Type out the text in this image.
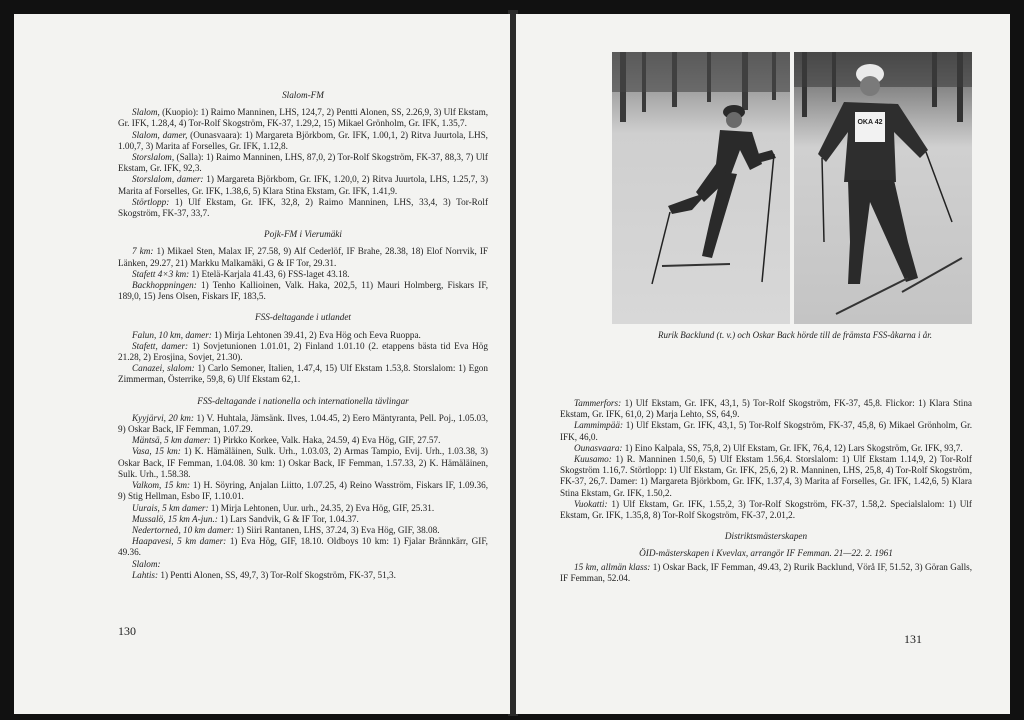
Slalom-FM

Slalom, (Kuopio): 1) Raimo Manninen, LHS, 124,7, 2) Pentti Alonen, SS, 2.26,9, 3) Ulf Ekstam, Gr. IFK, 1.28,4, 4) Tor-Rolf Skogström, FK-37, 1.29,2, 15) Mikael Grönholm, Gr. IFK, 1.35,7.

Slalom, damer, (Ounasvaara): 1) Margareta Björkbom, Gr. IFK, 1.00,1, 2) Ritva Juurtola, LHS, 1.00,7, 3) Marita af Forselles, Gr. IFK, 1.12,8.

Storslalom, (Salla): 1) Raimo Manninen, LHS, 87,0, 2) Tor-Rolf Skogström, FK-37, 88,3, 7) Ulf Ekstam, Gr. IFK, 92,3.

Storslalom, damer: 1) Margareta Björkbom, Gr. IFK, 1.20,0, 2) Ritva Juurtola, LHS, 1.25,7, 3) Marita af Forselles, Gr. IFK, 1.38,6, 5) Klara Stina Ekstam, Gr. IFK, 1.41,9.

Störtlopp: 1) Ulf Ekstam, Gr. IFK, 32,8, 2) Raimo Manninen, LHS, 33,4, 3) Tor-Rolf Skogström, FK-37, 33,7.

Pojk-FM i Vierumäki

7 km: 1) Mikael Sten, Malax IF, 27.58, 9) Alf Cederlöf, IF Brahe, 28.38, 18) Elof Norrvik, IF Länken, 29.27, 21) Markku Malkamäki, G & IF Tor, 29.31.

Stafett 4×3 km: 1) Etelä-Karjala 41.43, 6) FSS-laget 43.18.

Backhoppningen: 1) Tenho Kallioinen, Valk. Haka, 202,5, 11) Mauri Holmberg, Fiskars IF, 189,0, 15) Jens Olsen, Fiskars IF, 183,5.

FSS-deltagande i utlandet

Falun, 10 km, damer: 1) Mirja Lehtonen 39.41, 2) Eva Hög och Eeva Ruoppa.

Stafett, damer: 1) Sovjetunionen 1.01.01, 2) Finland 1.01.10 (2. etappens bästa tid Eva Hög 21.28, 2) Erosjina, Sovjet, 21.30).

Canazei, slalom: 1) Carlo Semoner, Italien, 1.47,4, 15) Ulf Ekstam 1.53,8. Storslalom: 1) Egon Zimmerman, Österrike, 59,8, 6) Ulf Ekstam 62,1.

FSS-deltagande i nationella och internationella tävlingar

Kyyjärvi, 20 km: 1) V. Huhtala, Jämsänk. Ilves, 1.04.45, 2) Eero Mäntyranta, Pell. Poj., 1.05.03, 9) Oskar Back, IF Femman, 1.07.29.

Mäntsä, 5 km damer: 1) Pirkko Korkee, Valk. Haka, 24.59, 4) Eva Hög, GIF, 27.57.

Vasa, 15 km: 1) K. Hämäläinen, Sulk. Urh., 1.03.03, 2) Armas Tampio, Evij. Urh., 1.03.38, 3) Oskar Back, IF Femman, 1.04.08. 30 km: 1) Oskar Back, IF Femman, 1.57.33, 2) K. Hämäläinen, Sulk. Urh., 1.58.38.

Valkom, 15 km: 1) H. Söyring, Anjalan Liitto, 1.07.25, 4) Reino Wasström, Fiskars IF, 1.09.36, 9) Stig Hellman, Esbo IF, 1.10.01.

Uurais, 5 km damer: 1) Mirja Lehtonen, Uur. urh., 24.35, 2) Eva Hög, GIF, 25.31.

Mussalö, 15 km A-jun.: 1) Lars Sandvik, G & IF Tor, 1.04.37.

Nedertorneå, 10 km damer: 1) Siiri Rantanen, LHS, 37.24, 3) Eva Hög, GIF, 38.08.

Haapavesi, 5 km damer: 1) Eva Hög, GIF, 18.10. Oldboys 10 km: 1) Fjalar Brännkärr, GIF, 49.36.

Slalom:

Lahtis: 1) Pentti Alonen, SS, 49,7, 3) Tor-Rolf Skogström, FK-37, 51,3.

130
OKA 42
Rurik Backlund (t. v.) och Oskar Back hörde till de främsta FSS-åkarna i år.

Tammerfors: 1) Ulf Ekstam, Gr. IFK, 43,1, 5) Tor-Rolf Skogström, FK-37, 45,8. Flickor: 1) Klara Stina Ekstam, Gr. IFK, 61,0, 2) Marja Lehto, SS, 64,9.

Lammimpää: 1) Ulf Ekstam, Gr. IFK, 43,1, 5) Tor-Rolf Skogström, FK-37, 45,8, 6) Mikael Grönholm, Gr. IFK, 46,0.

Ounasvaara: 1) Eino Kalpala, SS, 75,8, 2) Ulf Ekstam, Gr. IFK, 76,4, 12) Lars Skogström, Gr. IFK, 93,7.

Kuusamo: 1) R. Manninen 1.50,6, 5) Ulf Ekstam 1.56,4. Storslalom: 1) Ulf Ekstam 1.14,9, 2) Tor-Rolf Skogström 1.16,7. Störtlopp: 1) Ulf Ekstam, Gr. IFK, 25,6, 2) R. Manninen, LHS, 25,8, 4) Tor-Rolf Skogström, FK-37, 26,7. Damer: 1) Margareta Björkbom, Gr. IFK, 1.37,4, 3) Marita af Forselles, Gr. IFK, 1.42,6, 5) Klara Stina Ekstam, Gr. IFK, 1.50,2.

Vuokatti: 1) Ulf Ekstam, Gr. IFK, 1.55,2, 3) Tor-Rolf Skogström, FK-37, 1.58,2. Specialslalom: 1) Ulf Ekstam, Gr. IFK, 1.35,8, 8) Tor-Rolf Skogström, FK-37, 2.01,2.

Distriktsmästerskapen
ÖID-mästerskapen i Kvevlax, arrangör IF Femman. 21—22. 2. 1961

15 km, allmän klass: 1) Oskar Back, IF Femman, 49.43, 2) Rurik Backlund, Vörå IF, 51.52, 3) Göran Galls, IF Femman, 52.04.

131
